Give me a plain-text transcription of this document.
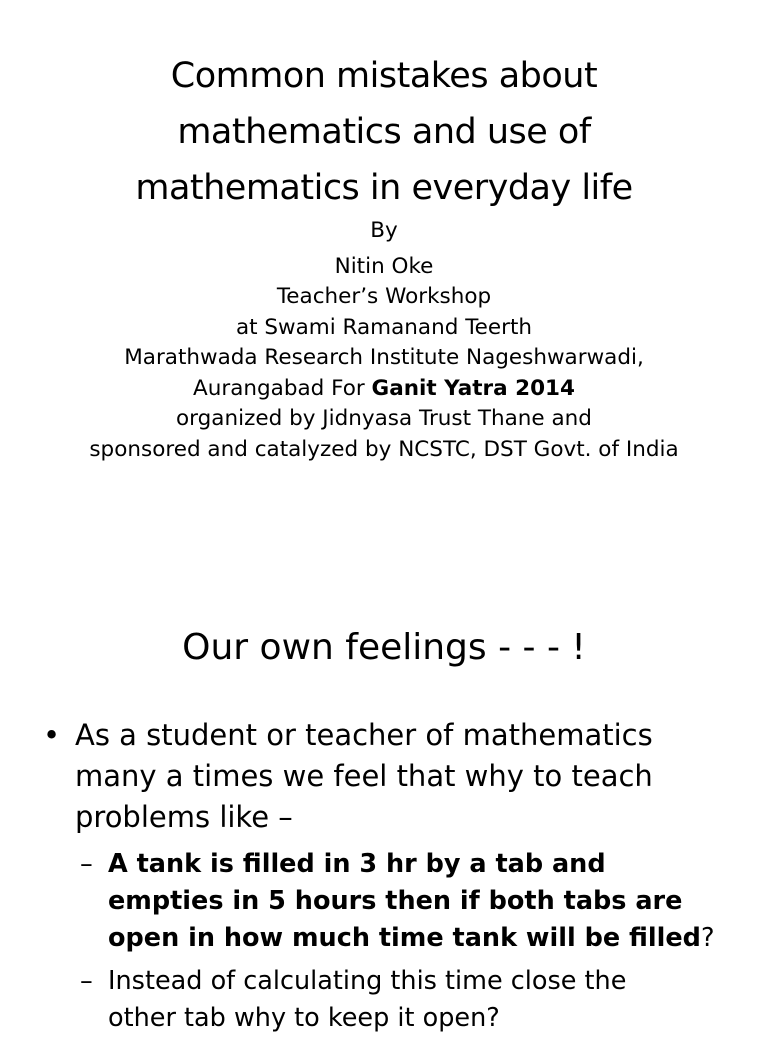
Common mistakes about
mathematics and use of
mathematics in everyday life
By
Nitin Oke
Teacher’s Workshop
at Swami Ramanand Teerth
Marathwada Research Institute Nageshwarwadi,
Aurangabad For Ganit Yatra 2014
organized by Jidnyasa Trust Thane and
sponsored and catalyzed by NCSTC, DST Govt. of India
Our own feelings - - - !
• As a student or teacher of mathematics
many a times we feel that why to teach
problems like –
– A tank is filled in 3 hr by a tab and
empties in 5 hours then if both tabs are
open in how much time tank will be filled?
– Instead of calculating this time close the
other tab why to keep it open?
